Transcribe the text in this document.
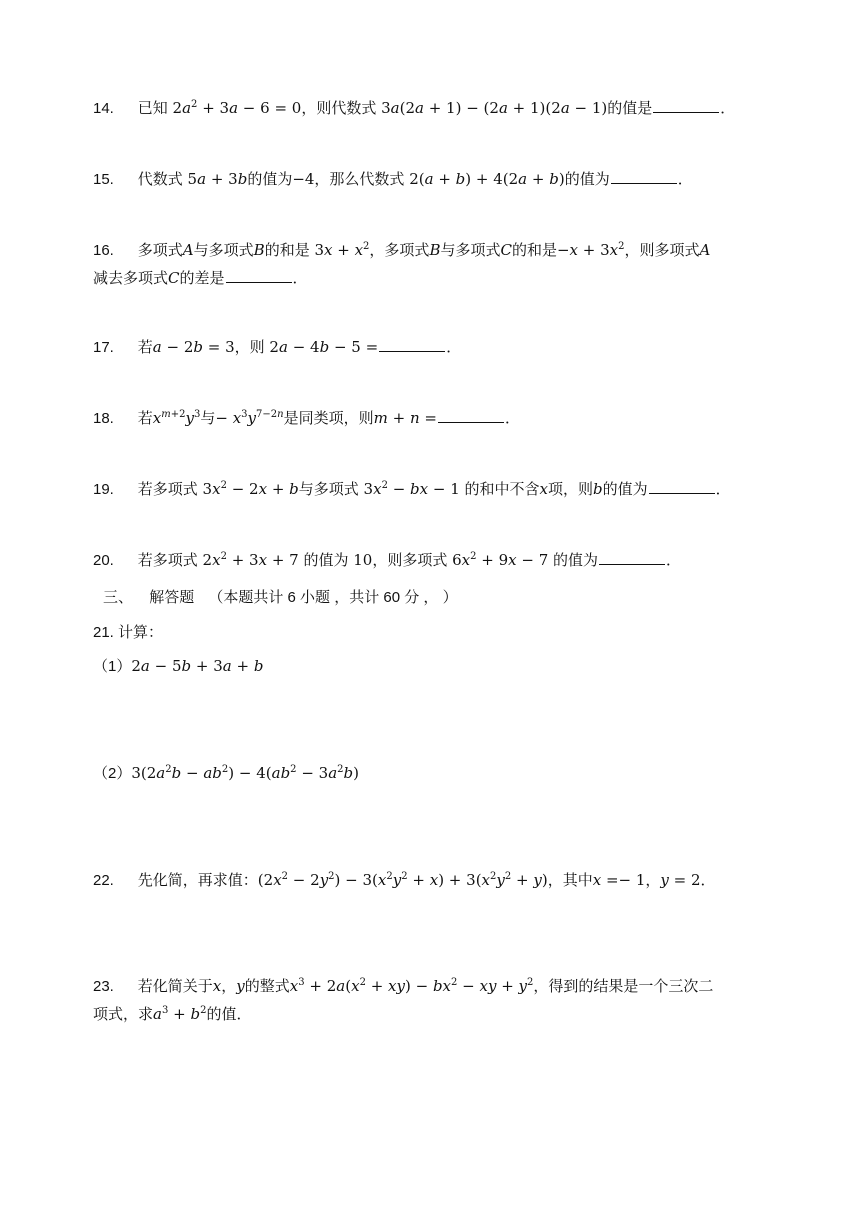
14. 已知 $2a^2 + 3a - 6 = 0$，则代数式 3a(2a + 1) − (2a + 1)(2a − 1)的值是	．
15. 代数式 5a + 3b的值为−4，那么代数式 2(a + b) + 4(2a + b)的值为	．
16. 多项式A与多项式B的和是 $3x + x^2$，多项式B与多项式C的和是$-x + 3x^2$，则多项式A
减去多项式C的差是	．
17. 若a − 2b = 3，则 2a − 4b − 5 =	．
18. 若$x^{m+2}y^3$与− $x^3y^{7-2n}$是同类项，则m + n =	．
19. 若多项式 $3x^2 - 2x + b$与多项式 $3x^2$ − bx − 1 的和中不含x项，则b的值为	．
20. 若多项式 $2x^2 + 3x + 7$ 的值为 10，则多项式 $6x^2 + 9x - 7$ 的值为	．
三、 解答题 （本题共计 6 小题 ，共计 60 分 ， ）
21. 计算：
（1）2a − 5b + 3a + b
$(2)3(2a^2b - ab^2) - 4(ab^2 - 3a^2b)$
22. 先化简，再求值：$(2x^2 - 2y^2) - 3(x^2y^2 + x) + 3(x^2y^2 + y)$，其中x =− 1，y = 2．
23. 若化简关于x，y的整式$x^3 + 2a(x^2 + xy) - bx^2$ − xy + $y^2$，得到的结果是一个三次二
项式，求$a^3 + b^2$的值．
